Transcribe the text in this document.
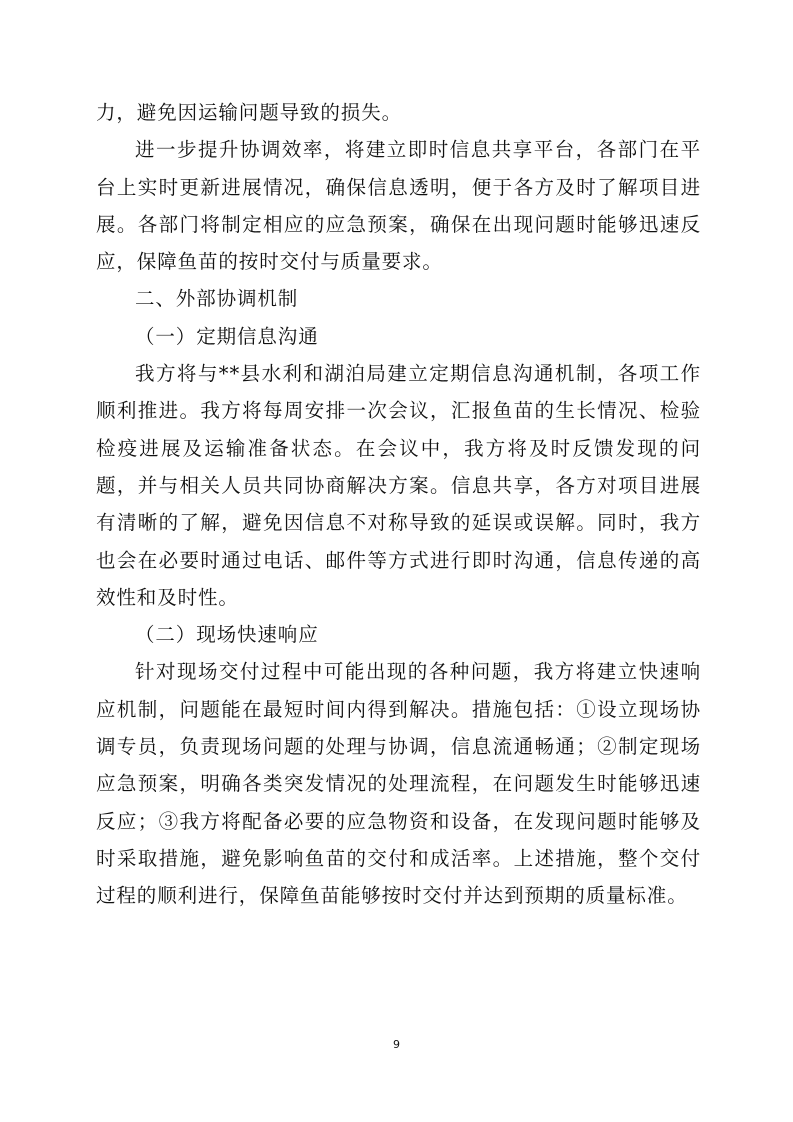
力，避免因运输问题导致的损失。

进一步提升协调效率，将建立即时信息共享平台，各部门在平台上实时更新进展情况，确保信息透明，便于各方及时了解项目进展。各部门将制定相应的应急预案，确保在出现问题时能够迅速反应，保障鱼苗的按时交付与质量要求。

二、外部协调机制

（一）定期信息沟通

我方将与**县水利和湖泊局建立定期信息沟通机制，各项工作顺利推进。我方将每周安排一次会议，汇报鱼苗的生长情况、检验检疫进展及运输准备状态。在会议中，我方将及时反馈发现的问题，并与相关人员共同协商解决方案。信息共享，各方对项目进展有清晰的了解，避免因信息不对称导致的延误或误解。同时，我方也会在必要时通过电话、邮件等方式进行即时沟通，信息传递的高效性和及时性。

（二）现场快速响应

针对现场交付过程中可能出现的各种问题，我方将建立快速响应机制，问题能在最短时间内得到解决。措施包括：①设立现场协调专员，负责现场问题的处理与协调，信息流通畅通；②制定现场应急预案，明确各类突发情况的处理流程，在问题发生时能够迅速反应；③我方将配备必要的应急物资和设备，在发现问题时能够及时采取措施，避免影响鱼苗的交付和成活率。上述措施，整个交付过程的顺利进行，保障鱼苗能够按时交付并达到预期的质量标准。

9
